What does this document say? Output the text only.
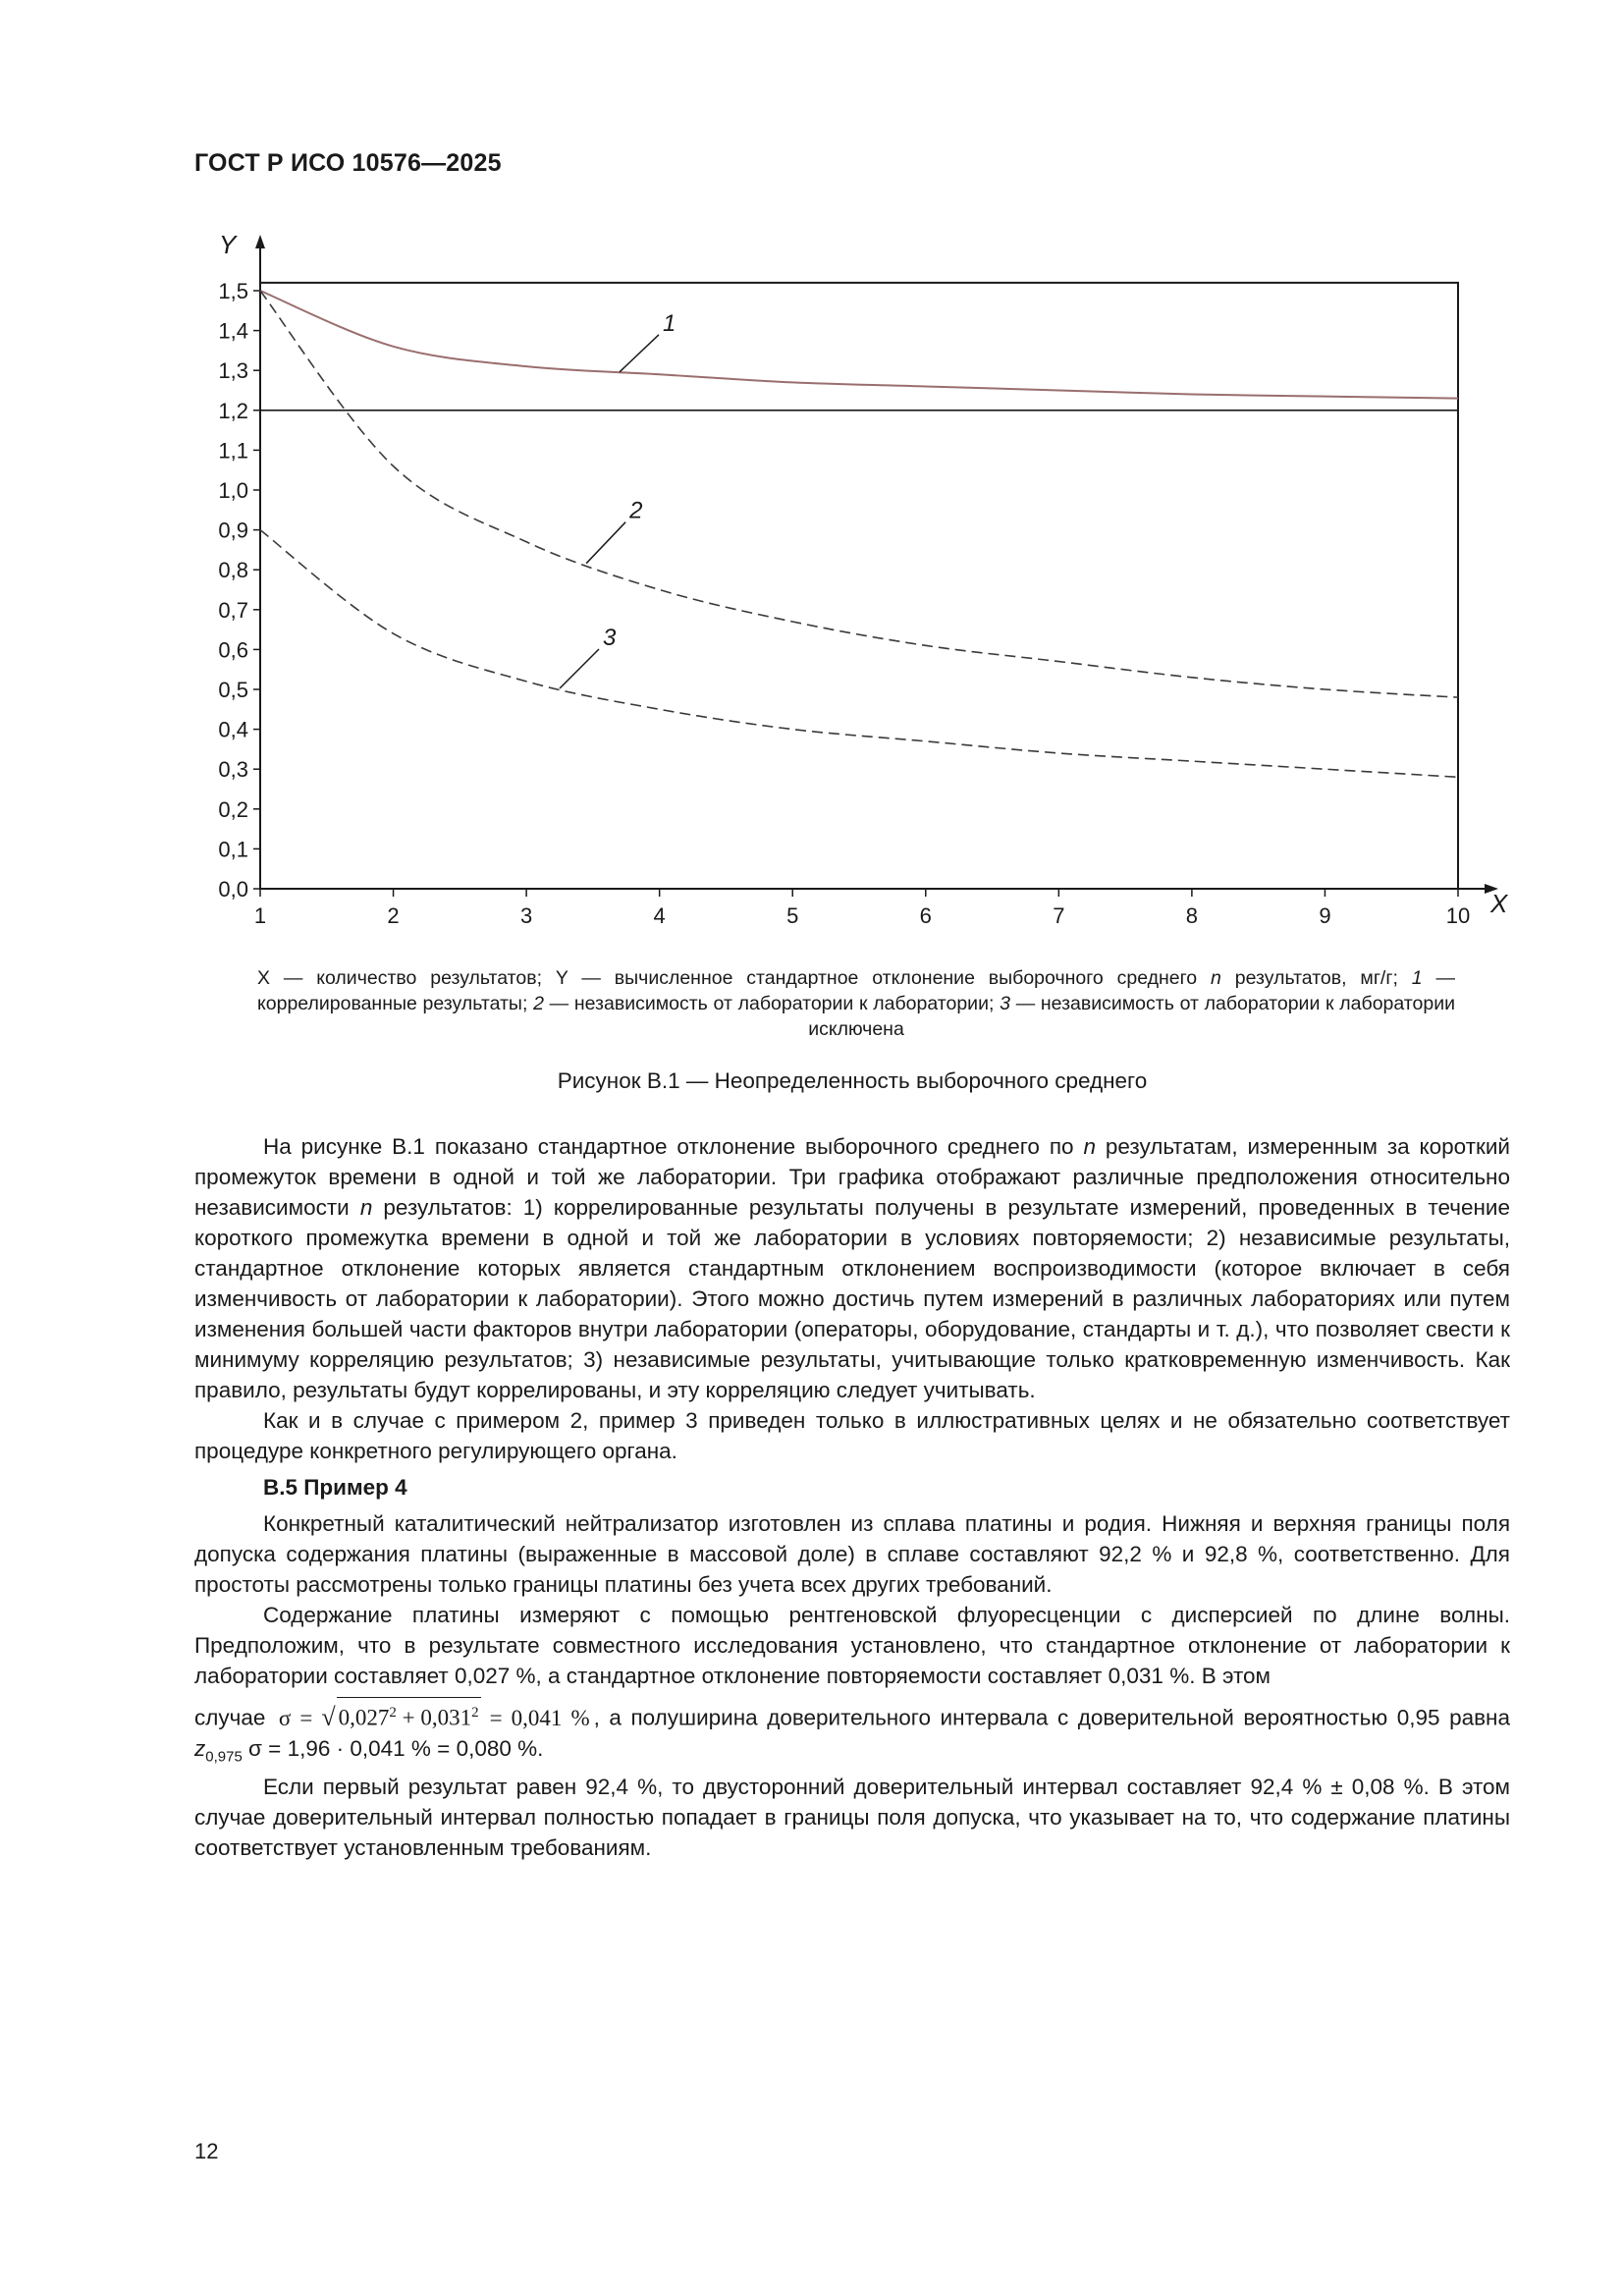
ГОСТ Р ИСО 10576—2025
Y
X
0,0
0,1
0,2
0,3
0,4
0,5
0,6
0,7
0,8
0,9
1,0
1,1
1,2
1,3
1,4
1,5
1	2	3	4	5	6	7	8	9	10
1
2
3
X — количество результатов; Y — вычисленное стандартное отклонение выборочного среднего n результатов, мг/г; 1 — коррелированные результаты; 2 — независимость от лаборатории к лаборатории; 3 — независимость от лаборатории к лаборатории исключена
Рисунок В.1 — Неопределенность выборочного среднего

На рисунке В.1 показано стандартное отклонение выборочного среднего по n результатам, измеренным за короткий промежуток времени в одной и той же лаборатории. Три графика отображают различные предположения относительно независимости n результатов: 1) коррелированные результаты получены в результате измерений, проведенных в течение короткого промежутка времени в одной и той же лаборатории в условиях повторяемости; 2) независимые результаты, стандартное отклонение которых является стандартным отклонением воспроизводимости (которое включает в себя изменчивость от лаборатории к лаборатории). Этого можно достичь путем измерений в различных лабораториях или путем изменения большей части факторов внутри лаборатории (операторы, оборудование, стандарты и т. д.), что позволяет свести к минимуму корреляцию результатов; 3) независимые результаты, учитывающие только кратковременную изменчивость. Как правило, результаты будут коррелированы, и эту корреляцию следует учитывать.

Как и в случае с примером 2, пример 3 приведен только в иллюстративных целях и не обязательно соответствует процедуре конкретного регулирующего органа.

В.5 Пример 4

Конкретный каталитический нейтрализатор изготовлен из сплава платины и родия. Нижняя и верхняя границы поля допуска содержания платины (выраженные в массовой доле) в сплаве составляют 92,2 % и 92,8 %, соответственно. Для простоты рассмотрены только границы платины без учета всех других требований.

Содержание платины измеряют с помощью рентгеновской флуоресценции с дисперсией по длине волны. Предположим, что в результате совместного исследования установлено, что стандартное отклонение от лаборатории к лаборатории составляет 0,027 %, а стандартное отклонение повторяемости составляет 0,031 %. В этом

случае σ = √ $0,027^2 + 0,031^2 = 0,041$ % , а полуширина доверительного интервала с доверительной вероятностью 0,95 равна $z_{0,975}$ σ = 1,96 · 0,041 % = 0,080 %.

Если первый результат равен 92,4 %, то двусторонний доверительный интервал составляет 92,4 % ± 0,08 %. В этом случае доверительный интервал полностью попадает в границы поля допуска, что указывает на то, что содержание платины соответствует установленным требованиям.

12
